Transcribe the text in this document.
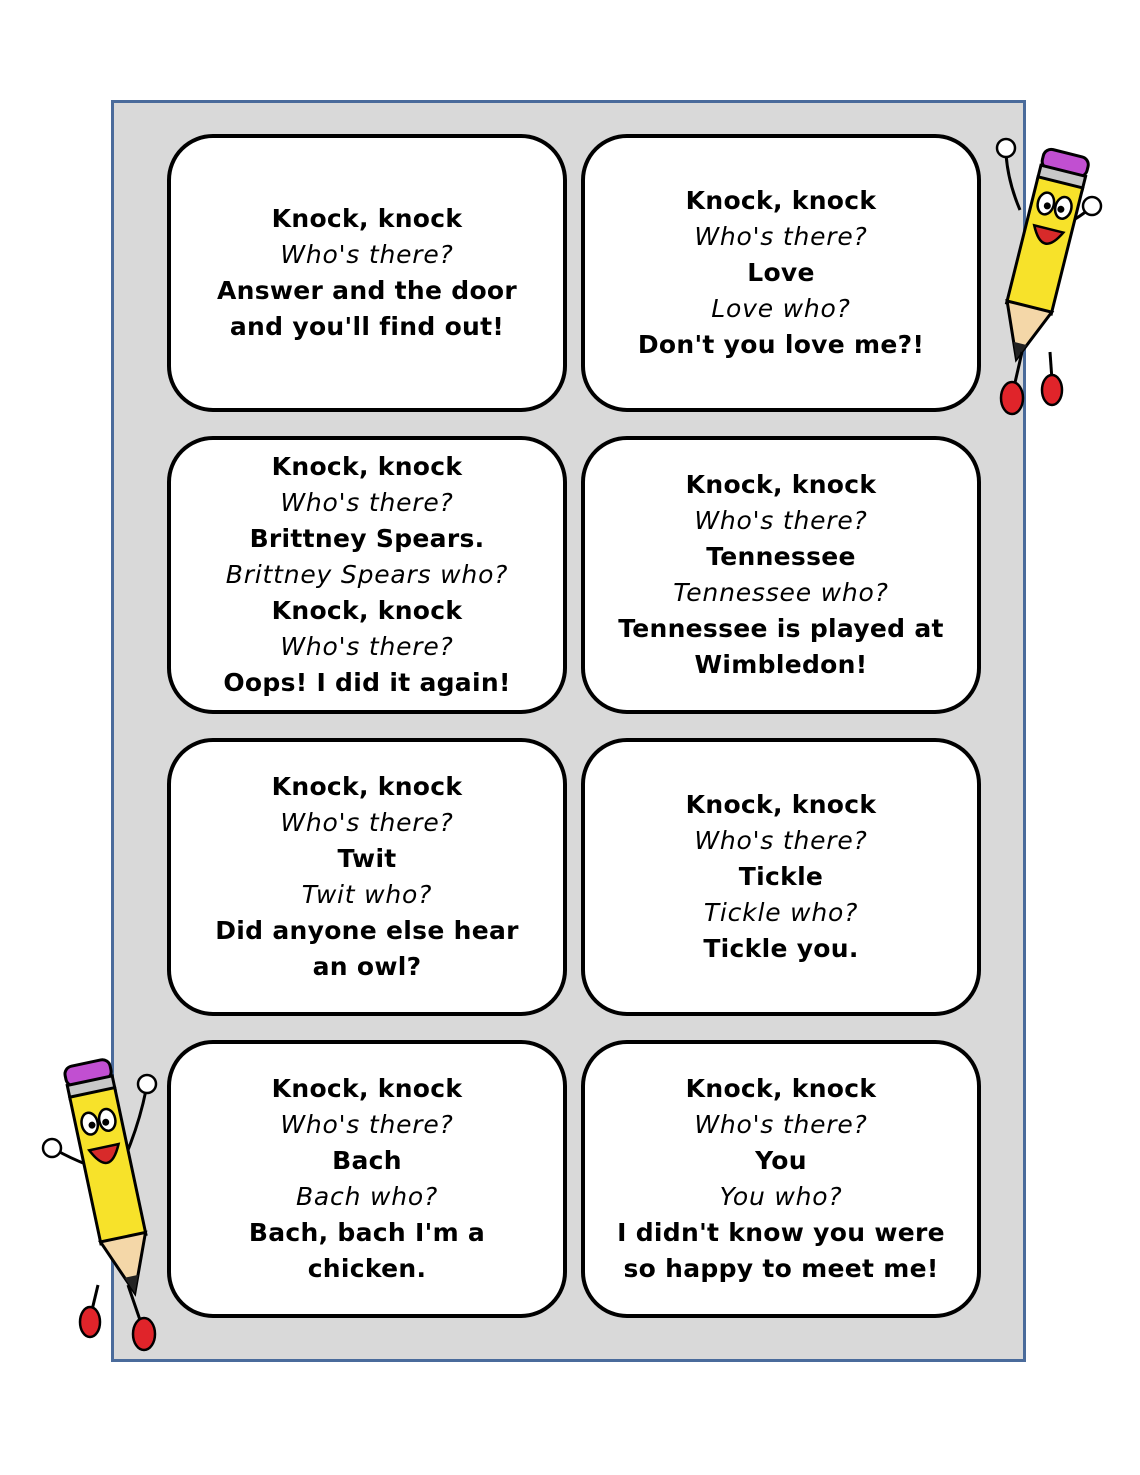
Knock, knock
Who's there?
Answer and the door
and you'll find out!
Knock, knock
Who's there?
Love
Love who?
Don't you love me?!
Knock, knock
Who's there?
Brittney Spears.
Brittney Spears who?
Knock, knock
Who's there?
Oops! I did it again!
Knock, knock
Who's there?
Tennessee
Tennessee who?
Tennessee is played at
Wimbledon!
Knock, knock
Who's there?
Twit
Twit who?
Did anyone else hear
an owl?
Knock, knock
Who's there?
Tickle
Tickle who?
Tickle you.
Knock, knock
Who's there?
Bach
Bach who?
Bach, bach I'm a
chicken.
Knock, knock
Who's there?
You
You who?
I didn't know you were
so happy to meet me!
